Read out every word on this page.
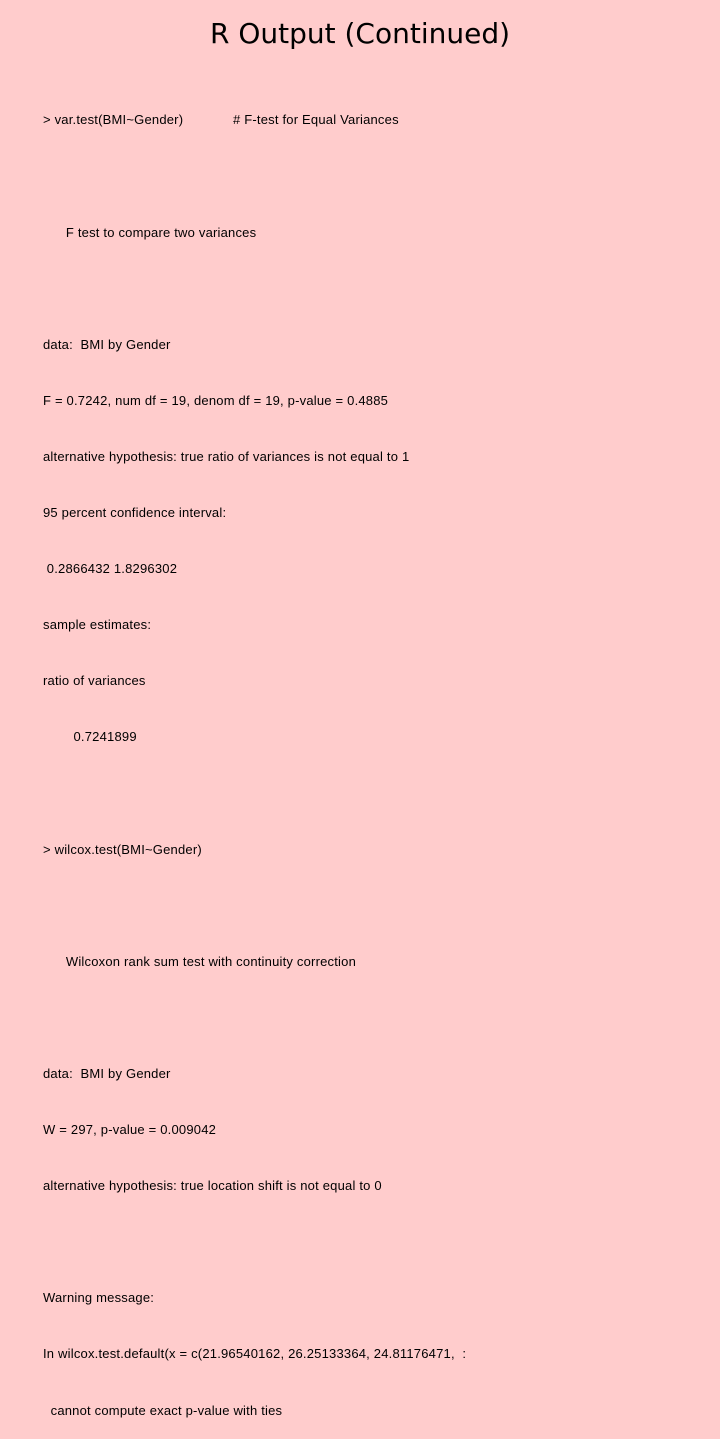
R Output (Continued)

> var.test(BMI~Gender)	# F-test for Equal Variances

F test to compare two variances

data:  BMI by Gender

F = 0.7242, num df = 19, denom df = 19, p-value = 0.4885

alternative hypothesis: true ratio of variances is not equal to 1

95 percent confidence interval:

0.2866432 1.8296302

sample estimates:

ratio of variances

0.7241899

> wilcox.test(BMI~Gender)

Wilcoxon rank sum test with continuity correction

data:  BMI by Gender

W = 297, p-value = 0.009042

alternative hypothesis: true location shift is not equal to 0

Warning message:

In wilcox.test.default(x = c(21.96540162, 26.25133364, 24.81176471,  :

cannot compute exact p-value with ties
